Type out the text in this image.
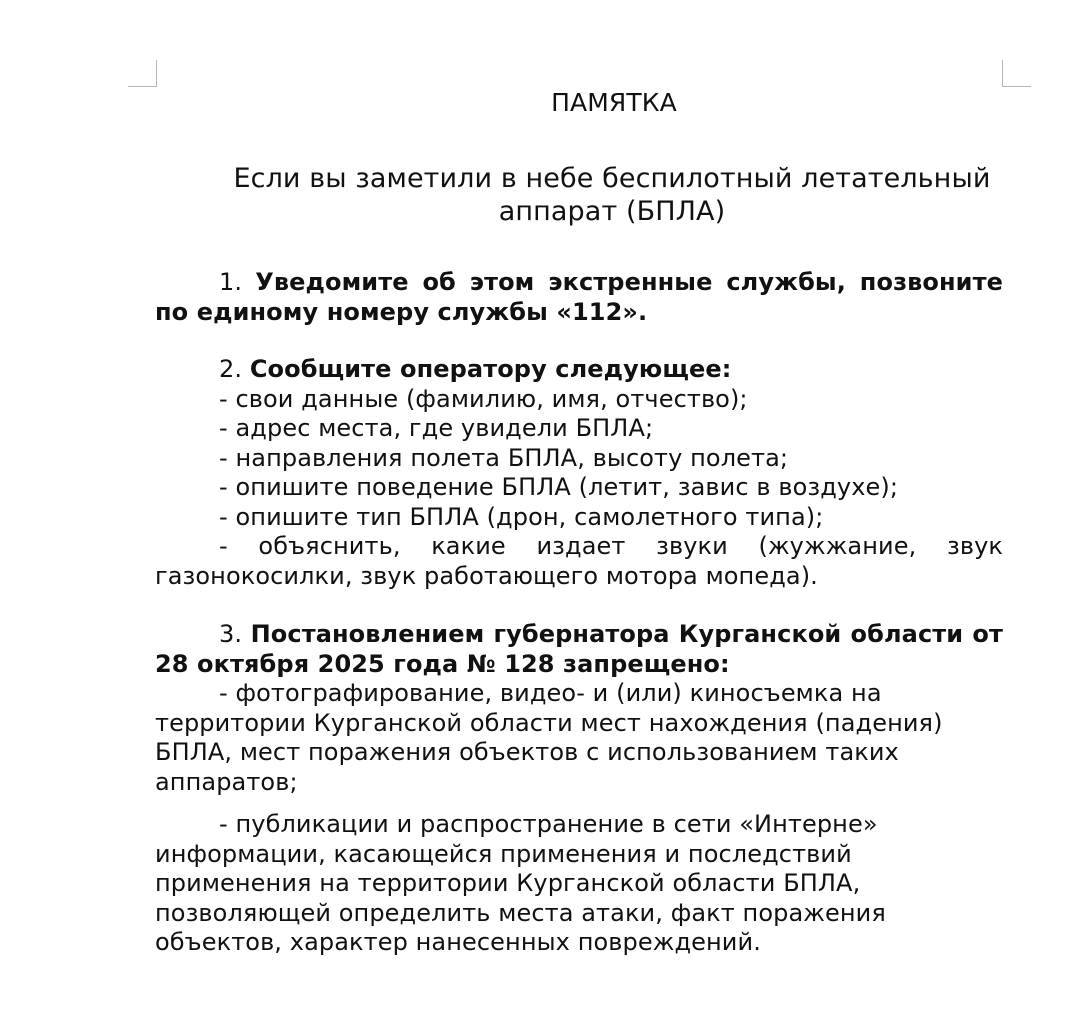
ПАМЯТКА
Если вы заметили в небе беспилотный летательный
аппарат (БПЛА)

1. Уведомите об этом экстренные службы, позвоните по единому номеру службы «112».

2. Сообщите оператору следующее:

- свои данные (фамилию, имя, отчество);
- адрес места, где увидели БПЛА;
- направления полета БПЛА, высоту полета;
- опишите поведение БПЛА (летит, завис в воздухе);
- опишите тип БПЛА (дрон, самолетного типа);

- объяснить, какие издает звуки (жужжание, звук газонокосилки, звук работающего мотора мопеда).

3. Постановлением губернатора Курганской области от 28 октября 2025 года № 128 запрещено:

- фотографирование, видео- и (или) киносъемка на территории Курганской области мест нахождения (падения) БПЛА, мест поражения объектов с использованием таких аппаратов;

- публикации и распространение в сети «Интерне» информации, касающейся применения и последствий применения на территории Курганской области БПЛА, позволяющей определить места атаки, факт поражения объектов, характер нанесенных повреждений.
